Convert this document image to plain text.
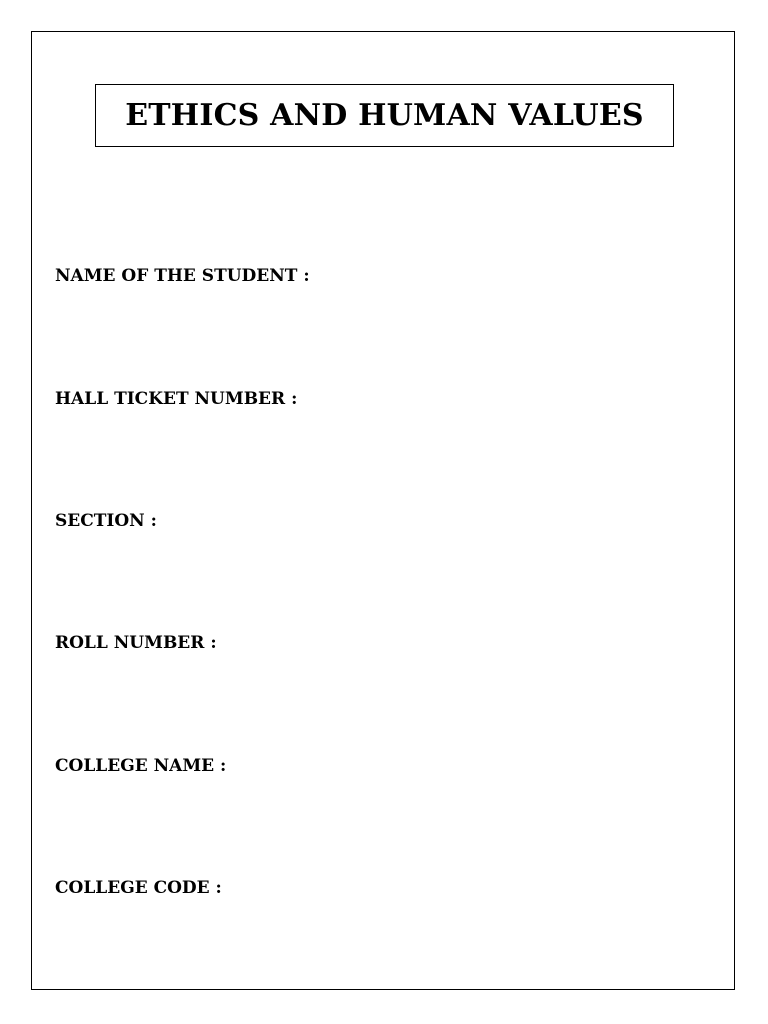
ETHICS AND HUMAN VALUES
NAME OF THE STUDENT :
HALL TICKET NUMBER :
SECTION :
ROLL NUMBER :
COLLEGE NAME :
COLLEGE CODE :
